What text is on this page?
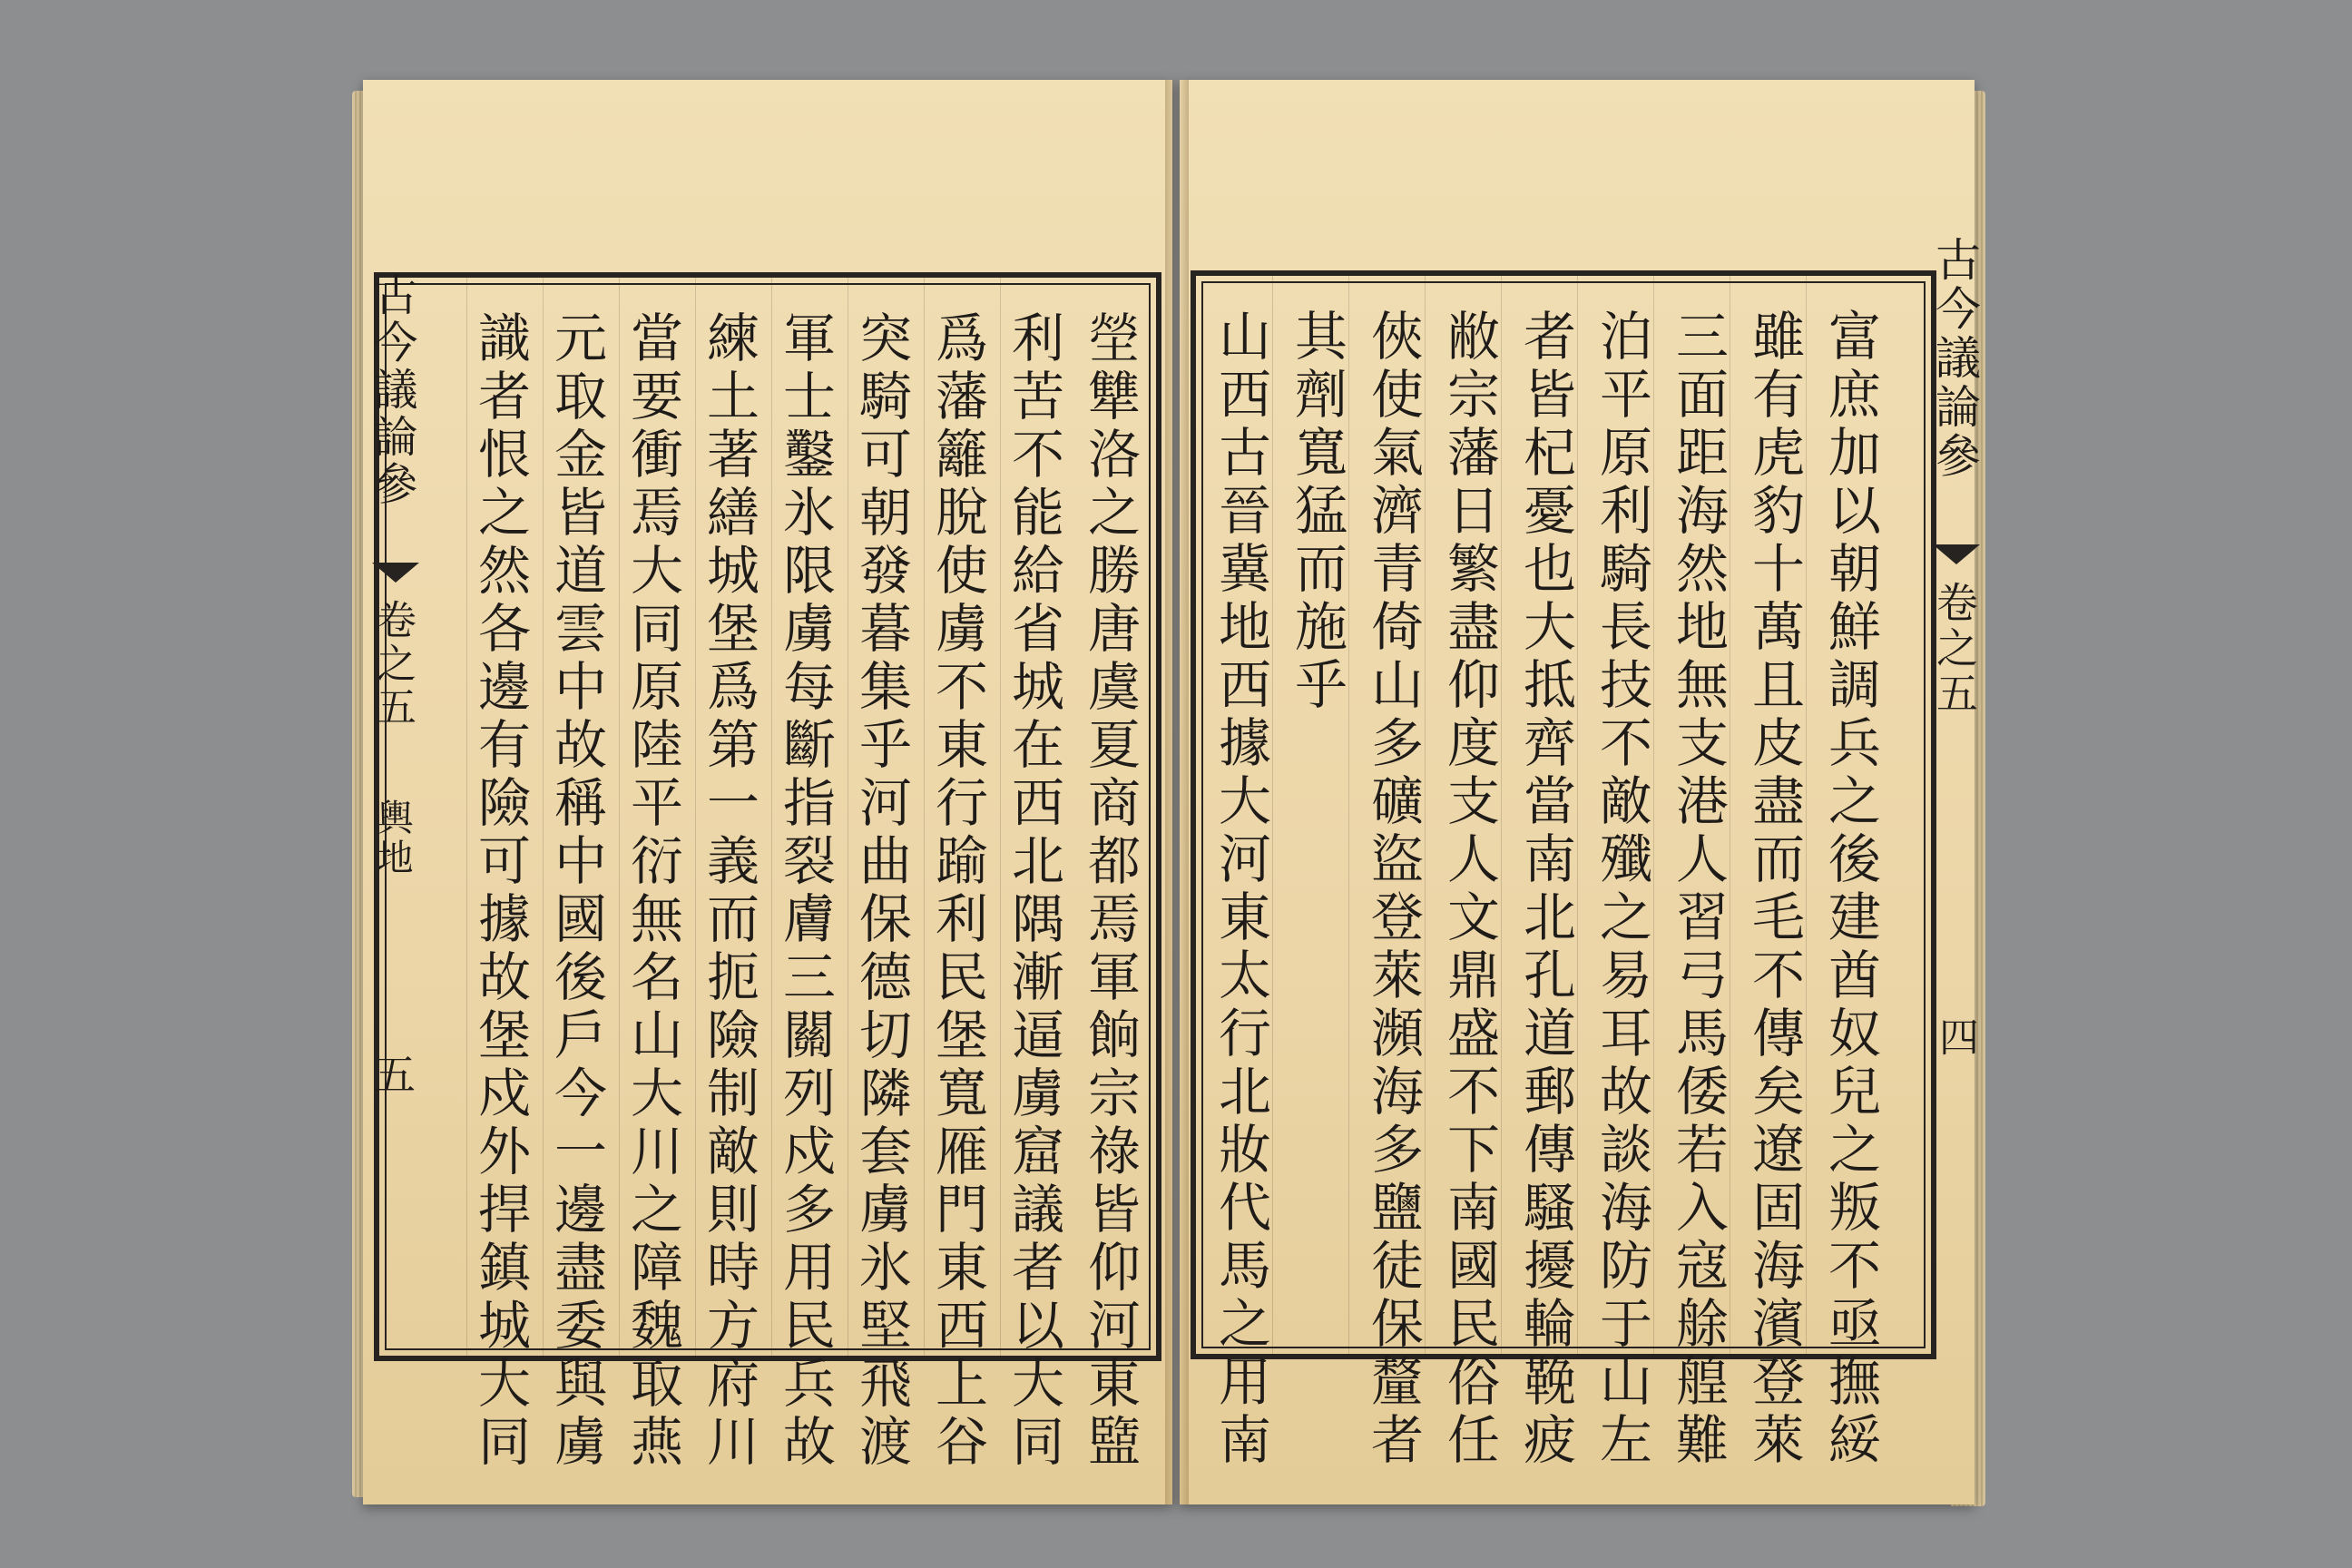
塋犨洛之勝唐虞夏商都焉軍餉宗祿皆仰河東盬
利苦不能給省城在西北隅漸逼虜窟議者以大同
爲藩籬脫使虜不東行踰利民堡寬雁門東西上谷
突騎可朝發暮集乎河曲保德切隣套虜氷堅飛渡
軍士鑿氷限虜每斷指裂膚三關列戍多用民兵故
練土著繕城堡爲第一義而扼險制敵則時方府川
當要衝焉大同原陸平衍無名山大川之障魏取燕
元取金皆道雲中故稱中國後戶今一邊盡委與虜
識者恨之然各邊有險可據故堡戍外捍鎮城大同
古今議論參
卷之五
輿地
五	富庶加以朝鮮調兵之後建酋奴兒之叛不亟撫綏
雖有虎豹十萬且皮盡而毛不傳矣遼固海濱登萊
三面距海然地無支港人習弓馬倭若入寇艅艎難
泊平原利騎長技不敵殲之易耳故談海防于山左
者皆杞憂也大抵齊當南北孔道郵傳騷擾輪鞔疲
敝宗藩日繁盡仰度支人文鼎盛不下南國民俗任
俠使氣濟青倚山多礦盜登萊瀕海多鹽徒保釐者
其劑寬猛而施乎
山西古晉冀地西據大河東太行北妝代馬之用南	古今議論參
卷之五
四
